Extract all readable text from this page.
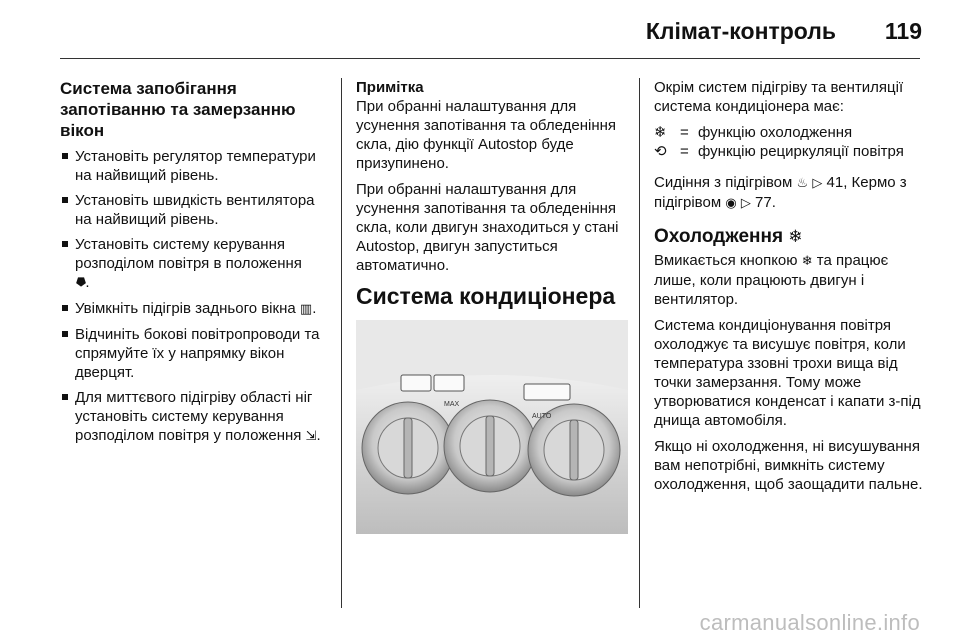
Клімат-контроль 119
Система запобігання запотіванню та замерзанню вікон
Установіть регулятор температури на найвищий рівень.
Установіть швидкість вентилятора на найвищий рівень.
Установіть систему керування розподілом повітря в положення
⯂.
Увімкніть підігрів заднього вікна ▥.
Відчиніть бокові повітропроводи та спрямуйте їх у напрямку вікон дверцят.
Для миттєвого підігріву області ніг установіть систему керування розподілом повітря у положення ⇲.
Примітка

При обранні налаштування для усунення запотівання та обледеніння скла, дію функції Autostop буде призупинено.

При обранні налаштування для усунення запотівання та обледеніння скла, коли двигун знаходиться у стані Autostop, двигун запуститься автоматично.

Система кондиціонера
MAX
AUTO

Окрім систем підігріву та вентиляції система кондиціонера має:

❄ = функцію охолодження
⟲ = функцію рециркуляції повітря

Сидіння з підігрівом ♨ ▷ 41, Кермо з підігрівом ◉ ▷ 77.

Охолодження ❄

Вмикається кнопкою ❄ та працює лише, коли працюють двигун і вентилятор.

Система кондиціонування повітря охолоджує та висушує повітря, коли температура ззовні трохи вища від точки замерзання. Тому може утворюватися конденсат і капати з-під днища автомобіля.

Якщо ні охолодження, ні висушування вам непотрібні, вимкніть систему охолодження, щоб заощадити пальне.

carmanualsonline.info
